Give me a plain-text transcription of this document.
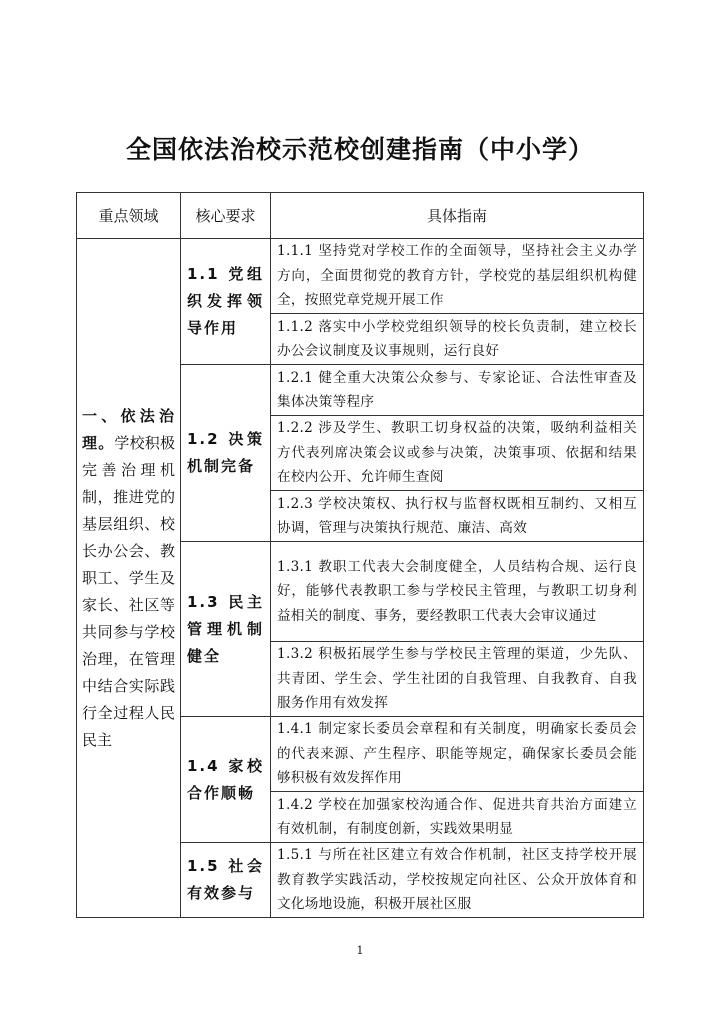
全国依法治校示范校创建指南（中小学）
重点领域	核心要求	具体指南
一、依法治理。学校积极完善治理机制，推进党的基层组织、校长办公会、教职工、学生及家长、社区等共同参与学校治理，在管理中结合实际践行全过程人民民主	1.1 党组织发挥领导作用	1.1.1 坚持党对学校工作的全面领导，坚持社会主义办学方向，全面贯彻党的教育方针，学校党的基层组织机构健全，按照党章党规开展工作
		1.1.2 落实中小学校党组织领导的校长负责制，建立校长办公会议制度及议事规则，运行良好
	1.2 决策机制完备	1.2.1 健全重大决策公众参与、专家论证、合法性审查及集体决策等程序
		1.2.2 涉及学生、教职工切身权益的决策，吸纳利益相关方代表列席决策会议或参与决策，决策事项、依据和结果在校内公开、允许师生查阅
		1.2.3 学校决策权、执行权与监督权既相互制约、又相互协调，管理与决策执行规范、廉洁、高效
	1.3 民主管理机制健全	1.3.1 教职工代表大会制度健全，人员结构合规、运行良好，能够代表教职工参与学校民主管理，与教职工切身利益相关的制度、事务，要经教职工代表大会审议通过
		1.3.2 积极拓展学生参与学校民主管理的渠道，少先队、共青团、学生会、学生社团的自我管理、自我教育、自我服务作用有效发挥
	1.4 家校合作顺畅	1.4.1 制定家长委员会章程和有关制度，明确家长委员会的代表来源、产生程序、职能等规定，确保家长委员会能够积极有效发挥作用
		1.4.2 学校在加强家校沟通合作、促进共育共治方面建立有效机制，有制度创新，实践效果明显
	1.5 社会有效参与	1.5.1 与所在社区建立有效合作机制，社区支持学校开展教育教学实践活动，学校按规定向社区、公众开放体育和文化场地设施，积极开展社区服
1
